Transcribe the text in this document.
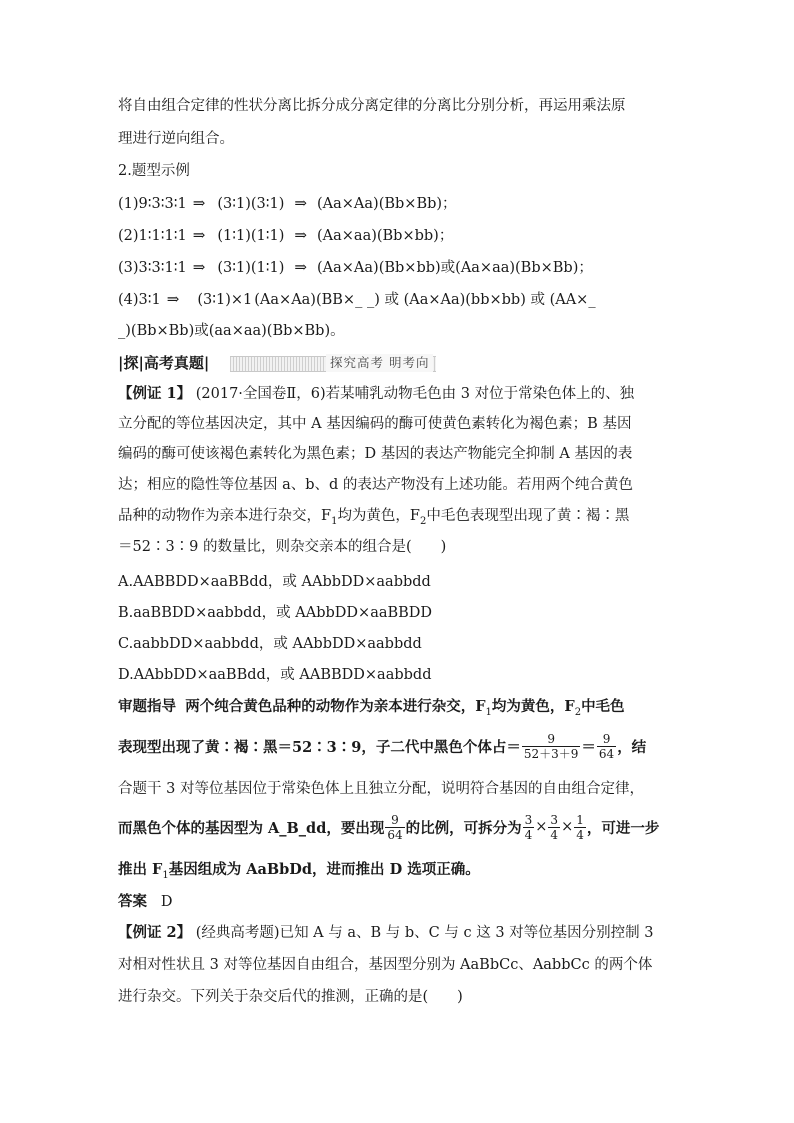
将自由组合定律的性状分离比拆分成分离定律的分离比分别分析，再运用乘法原
理进行逆向组合。
2.题型示例
(1)9∶3∶3∶1 ⇒ (3∶1)(3∶1) ⇒ (Aa×Aa)(Bb×Bb)；
(2)1∶1∶1∶1 ⇒ (1∶1)(1∶1) ⇒ (Aa×aa)(Bb×bb)；
(3)3∶3∶1∶1 ⇒ (3∶1)(1∶1) ⇒ (Aa×Aa)(Bb×bb)或(Aa×aa)(Bb×Bb)；
(4)3∶1 ⇒ (3∶1)×1 (Aa×Aa)(BB×_ _) 或 (Aa×Aa)(bb×bb) 或 (AA×_
_)(Bb×Bb)或(aa×aa)(Bb×Bb)。
|探|高考真题|	探究高考 明考向
【例证 1】 (2017·全国卷Ⅱ，6)若某哺乳动物毛色由 3 对位于常染色体上的、独
立分配的等位基因决定，其中 A 基因编码的酶可使黄色素转化为褐色素；B 基因
编码的酶可使该褐色素转化为黑色素；D 基因的表达产物能完全抑制 A 基因的表
达；相应的隐性等位基因 a、b、d 的表达产物没有上述功能。若用两个纯合黄色
品种的动物作为亲本进行杂交，$F_1$均为黄色，$F_2$中毛色表现型出现了黄∶褐∶黑
＝52∶3∶9 的数量比，则杂交亲本的组合是(　　)
A.AABBDD×aaBBdd，或 AAbbDD×aabbdd
B.aaBBDD×aabbdd，或 AAbbDD×aaBBDD
C.aabbDD×aabbdd，或 AAbbDD×aabbdd
D.AAbbDD×aaBBdd，或 AABBDD×aabbdd
审题指导 两个纯合黄色品种的动物作为亲本进行杂交，$F_1$均为黄色，$F_2$中毛色
表现型出现了黄∶褐∶黑＝52∶3∶9，子二代中黑色个体占＝ $\frac{9}{52+3+9} = \frac{9}{64}$ ，结
合题干 3 对等位基因位于常染色体上且独立分配，说明符合基因的自由组合定律，
而黑色个体的基因型为 A_B_dd，要出现 $\frac{9}{64}$ 的比例，可拆分为 $\frac{3}{4} \times \frac{3}{4} \times \frac{1}{4}$ ，可进一步
推出 $F_1$基因组成为 AaBbDd，进而推出 D 选项正确。
答案 D
【例证 2】 (经典高考题)已知 A 与 a、B 与 b、C 与 c 这 3 对等位基因分别控制 3
对相对性状且 3 对等位基因自由组合，基因型分别为 AaBbCc、AabbCc 的两个体
进行杂交。下列关于杂交后代的推测，正确的是(　　)
